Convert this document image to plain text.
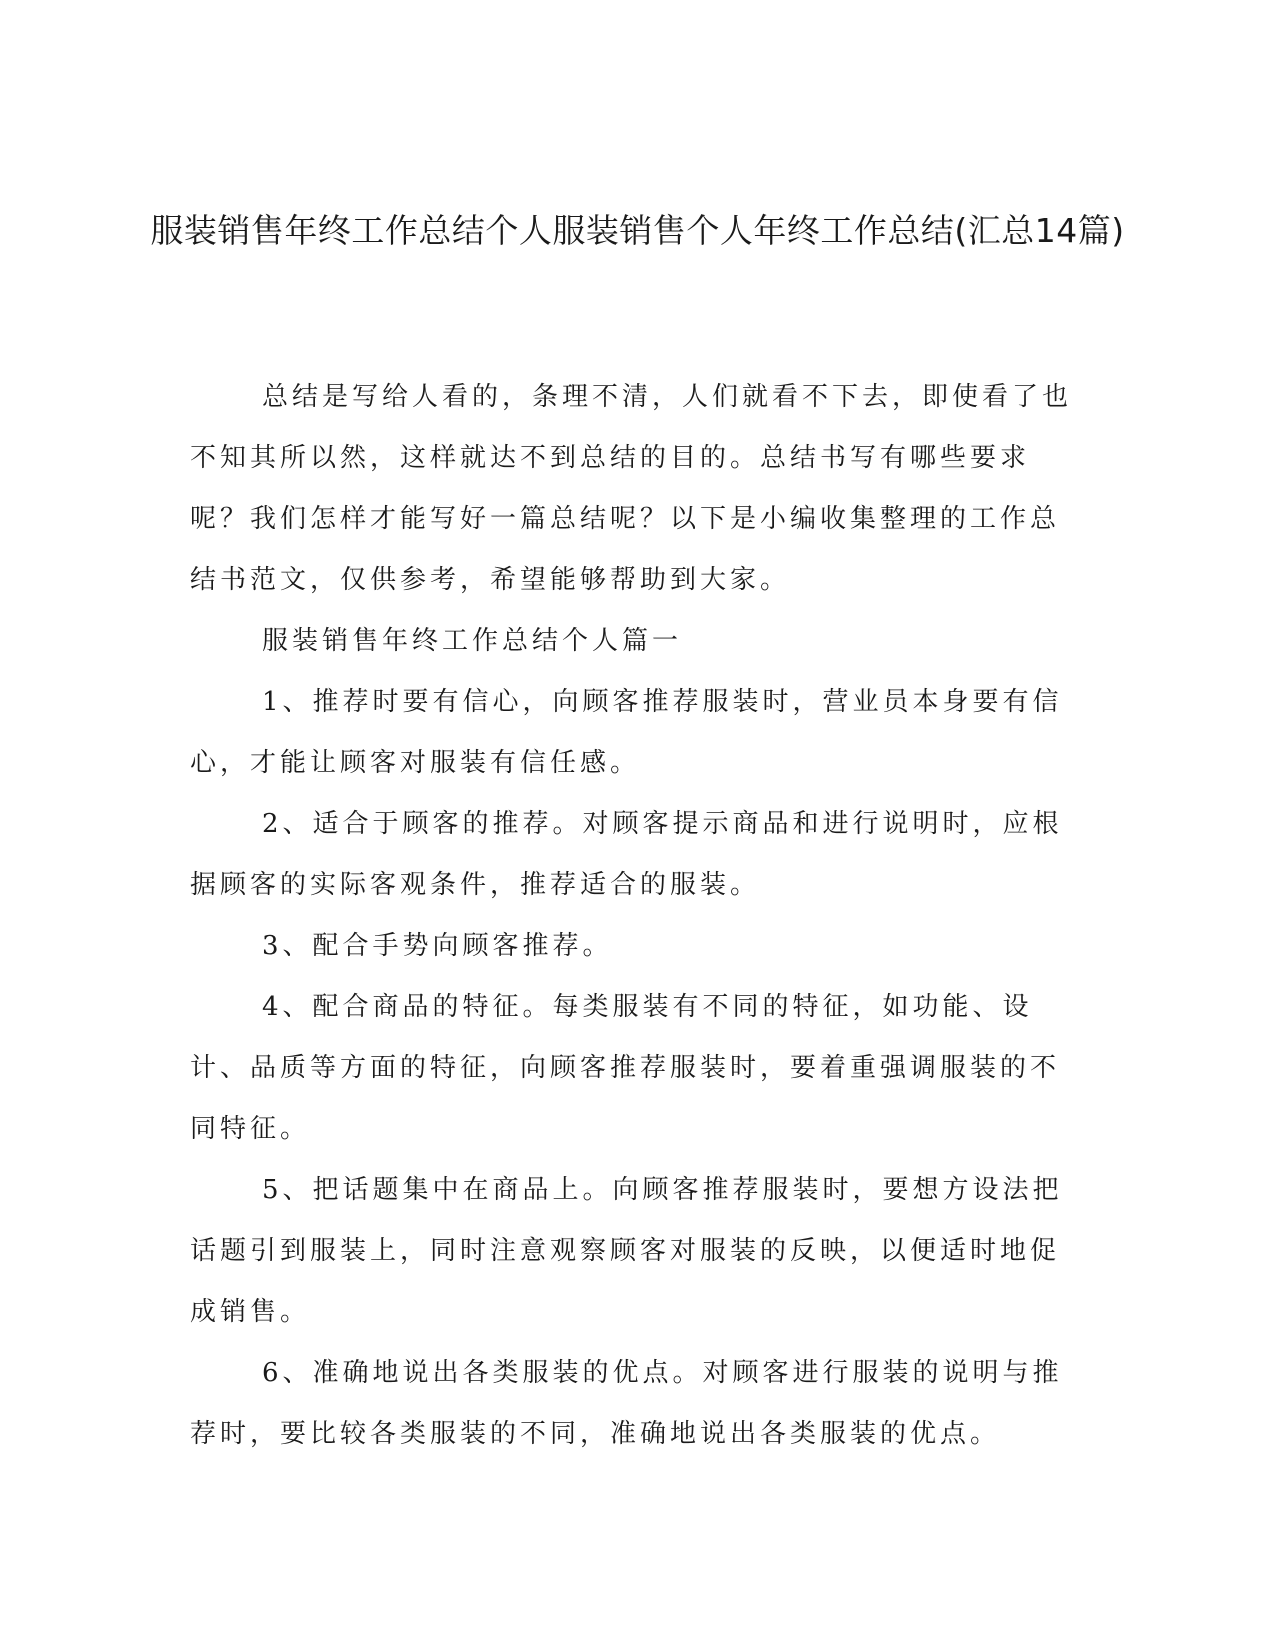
服装销售年终工作总结个人服装销售个人年终工作总结(汇总14篇)

总结是写给人看的，条理不清，人们就看不下去，即使看了也不知其所以然，这样就达不到总结的目的。总结书写有哪些要求呢？我们怎样才能写好一篇总结呢？以下是小编收集整理的工作总结书范文，仅供参考，希望能够帮助到大家。

服装销售年终工作总结个人篇一

1、推荐时要有信心，向顾客推荐服装时，营业员本身要有信心，才能让顾客对服装有信任感。

2、适合于顾客的推荐。对顾客提示商品和进行说明时，应根据顾客的实际客观条件，推荐适合的服装。

3、配合手势向顾客推荐。

4、配合商品的特征。每类服装有不同的特征，如功能、设计、品质等方面的特征，向顾客推荐服装时，要着重强调服装的不同特征。

5、把话题集中在商品上。向顾客推荐服装时，要想方设法把话题引到服装上，同时注意观察顾客对服装的反映，以便适时地促成销售。

6、准确地说出各类服装的优点。对顾客进行服装的说明与推荐时，要比较各类服装的不同，准确地说出各类服装的优点。
